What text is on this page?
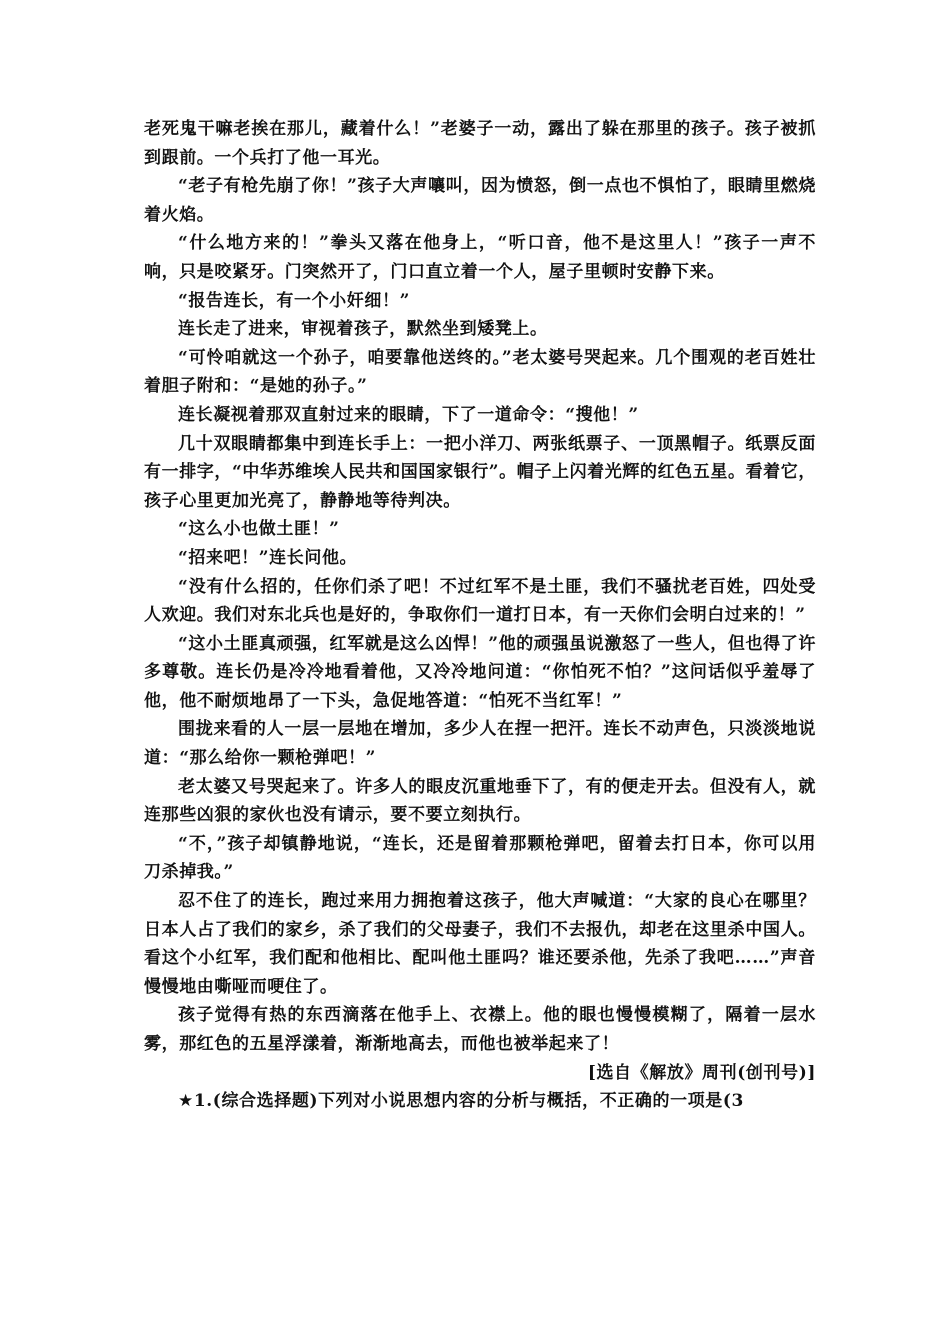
老死鬼干嘛老挨在那儿，藏着什么！”老婆子一动，露出了躲在那里的孩子。孩子被抓到跟前。一个兵打了他一耳光。

“老子有枪先崩了你！”孩子大声嚷叫，因为愤怒，倒一点也不惧怕了，眼睛里燃烧着火焰。

“什么地方来的！”拳头又落在他身上，“听口音，他不是这里人！”孩子一声不响，只是咬紧牙。门突然开了，门口直立着一个人，屋子里顿时安静下来。

“报告连长，有一个小奸细！”

连长走了进来，审视着孩子，默然坐到矮凳上。

“可怜咱就这一个孙子，咱要靠他送终的。”老太婆号哭起来。几个围观的老百姓壮着胆子附和：“是她的孙子。”

连长凝视着那双直射过来的眼睛，下了一道命令：“搜他！”

几十双眼睛都集中到连长手上：一把小洋刀、两张纸票子、一顶黑帽子。纸票反面有一排字，“中华苏维埃人民共和国国家银行”。帽子上闪着光辉的红色五星。看着它，孩子心里更加光亮了，静静地等待判决。

“这么小也做土匪！”

“招来吧！”连长问他。

“没有什么招的，任你们杀了吧！不过红军不是土匪，我们不骚扰老百姓，四处受人欢迎。我们对东北兵也是好的，争取你们一道打日本，有一天你们会明白过来的！”

“这小土匪真顽强，红军就是这么凶悍！”他的顽强虽说激怒了一些人，但也得了许多尊敬。连长仍是冷冷地看着他，又冷冷地问道：“你怕死不怕？”这问话似乎羞辱了他，他不耐烦地昂了一下头，急促地答道：“怕死不当红军！”

围拢来看的人一层一层地在增加，多少人在捏一把汗。连长不动声色，只淡淡地说道：“那么给你一颗枪弹吧！”

老太婆又号哭起来了。许多人的眼皮沉重地垂下了，有的便走开去。但没有人，就连那些凶狠的家伙也没有请示，要不要立刻执行。

“不，”孩子却镇静地说，“连长，还是留着那颗枪弹吧，留着去打日本，你可以用刀杀掉我。”

忍不住了的连长，跑过来用力拥抱着这孩子，他大声喊道：“大家的良心在哪里？日本人占了我们的家乡，杀了我们的父母妻子，我们不去报仇，却老在这里杀中国人。看这个小红军，我们配和他相比、配叫他土匪吗？谁还要杀他，先杀了我吧……”声音慢慢地由嘶哑而哽住了。

孩子觉得有热的东西滴落在他手上、衣襟上。他的眼也慢慢模糊了，隔着一层水雾，那红色的五星浮漾着，渐渐地高去，而他也被举起来了！

[选自《解放》周刊(创刊号)]

★1.(综合选择题)下列对小说思想内容的分析与概括，不正确的一项是(3
